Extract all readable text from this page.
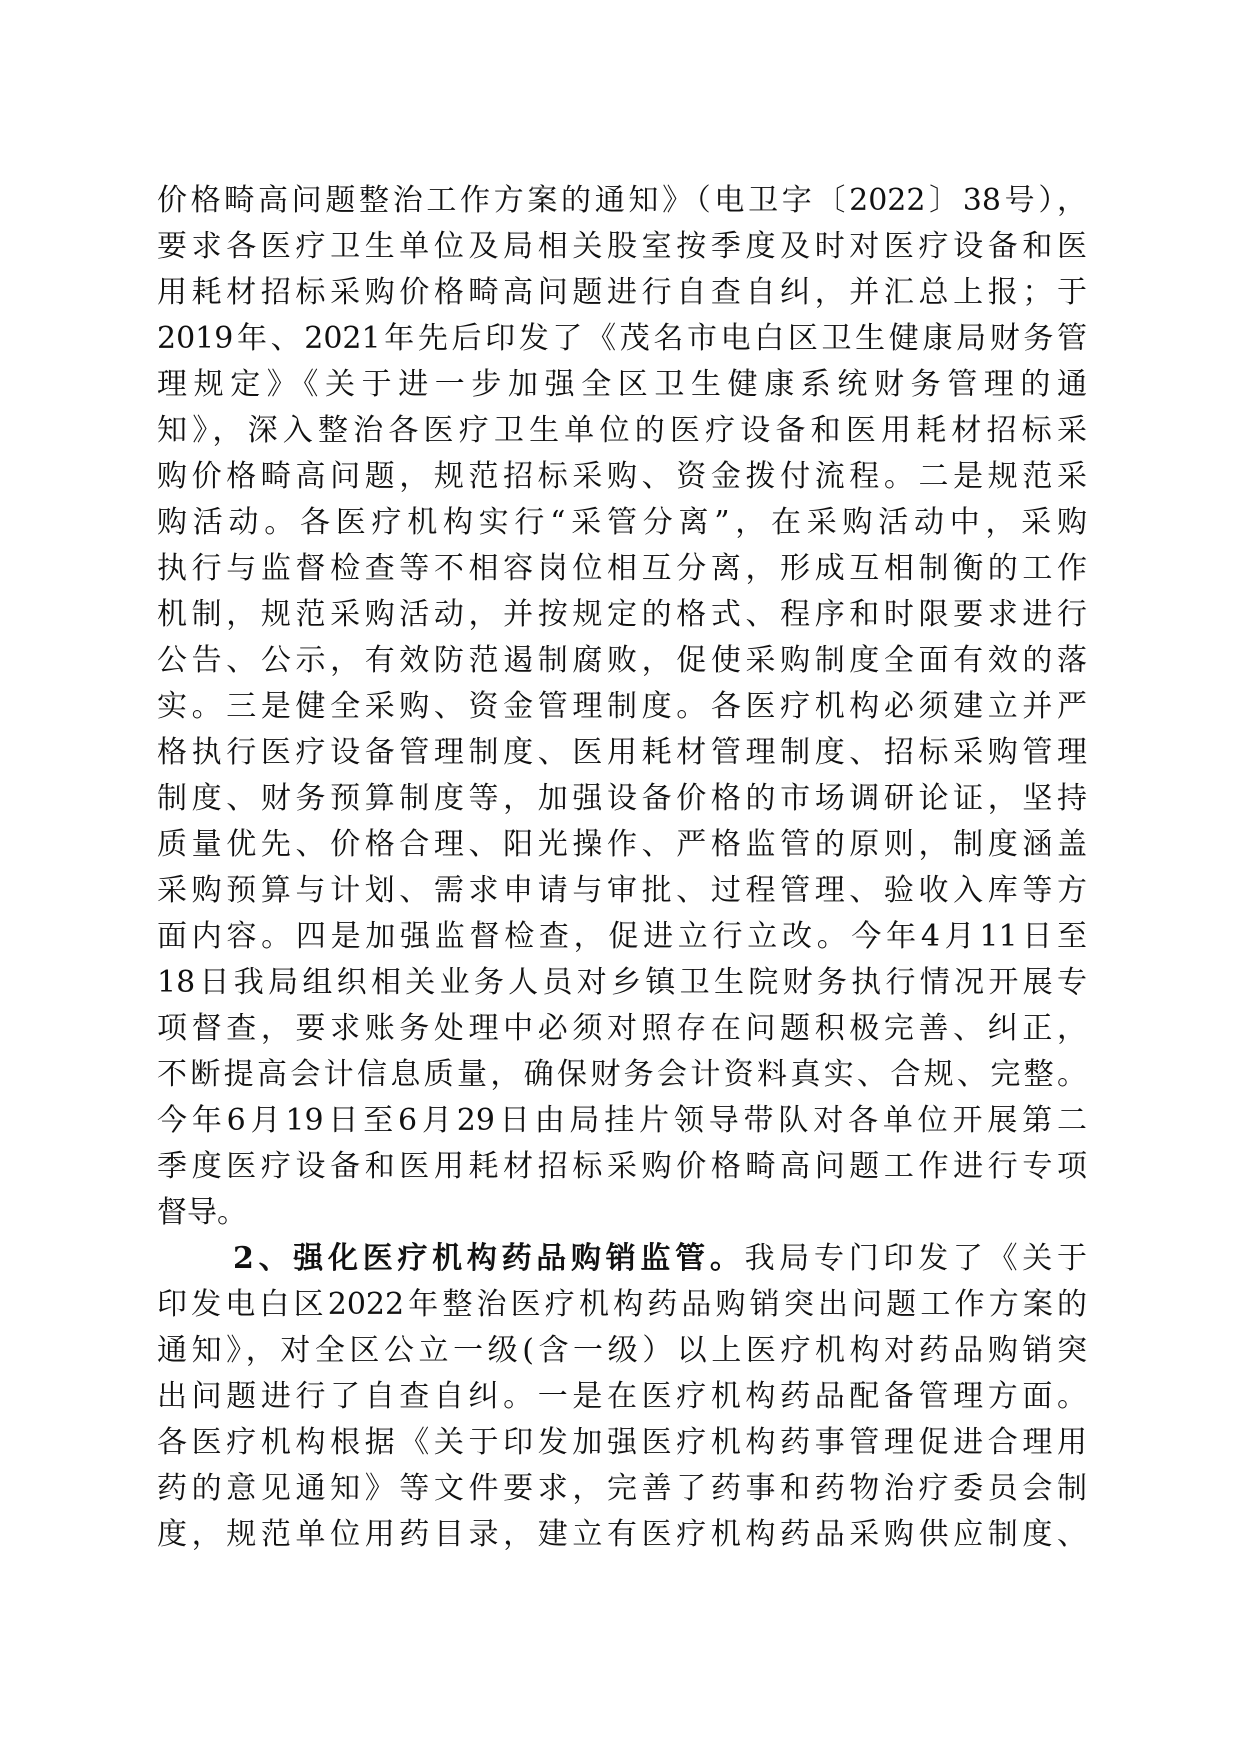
价格畸高问题整治工作方案的通知》（电卫字〔2022〕38号），
要求各医疗卫生单位及局相关股室按季度及时对医疗设备和医
用耗材招标采购价格畸高问题进行自查自纠，并汇总上报；于
2019年、2021年先后印发了《茂名市电白区卫生健康局财务管
理规定》《关于进一步加强全区卫生健康系统财务管理的通
知》，深入整治各医疗卫生单位的医疗设备和医用耗材招标采
购价格畸高问题，规范招标采购、资金拨付流程。二是规范采
购活动。各医疗机构实行“采管分离”，在采购活动中，采购
执行与监督检查等不相容岗位相互分离，形成互相制衡的工作
机制，规范采购活动，并按规定的格式、程序和时限要求进行
公告、公示，有效防范遏制腐败，促使采购制度全面有效的落
实。三是健全采购、资金管理制度。各医疗机构必须建立并严
格执行医疗设备管理制度、医用耗材管理制度、招标采购管理
制度、财务预算制度等，加强设备价格的市场调研论证，坚持
质量优先、价格合理、阳光操作、严格监管的原则，制度涵盖
采购预算与计划、需求申请与审批、过程管理、验收入库等方
面内容。四是加强监督检查，促进立行立改。今年4月11日至
18日我局组织相关业务人员对乡镇卫生院财务执行情况开展专
项督查，要求账务处理中必须对照存在问题积极完善、纠正，
不断提高会计信息质量，确保财务会计资料真实、合规、完整。
今年6月19日至6月29日由局挂片领导带队对各单位开展第二
季度医疗设备和医用耗材招标采购价格畸高问题工作进行专项
督导。
2、强化医疗机构药品购销监管。我局专门印发了《关于
印发电白区2022年整治医疗机构药品购销突出问题工作方案的
通知》，对全区公立一级(含一级）以上医疗机构对药品购销突
出问题进行了自查自纠。一是在医疗机构药品配备管理方面。
各医疗机构根据《关于印发加强医疗机构药事管理促进合理用
药的意见通知》等文件要求，完善了药事和药物治疗委员会制
度，规范单位用药目录，建立有医疗机构药品采购供应制度、
